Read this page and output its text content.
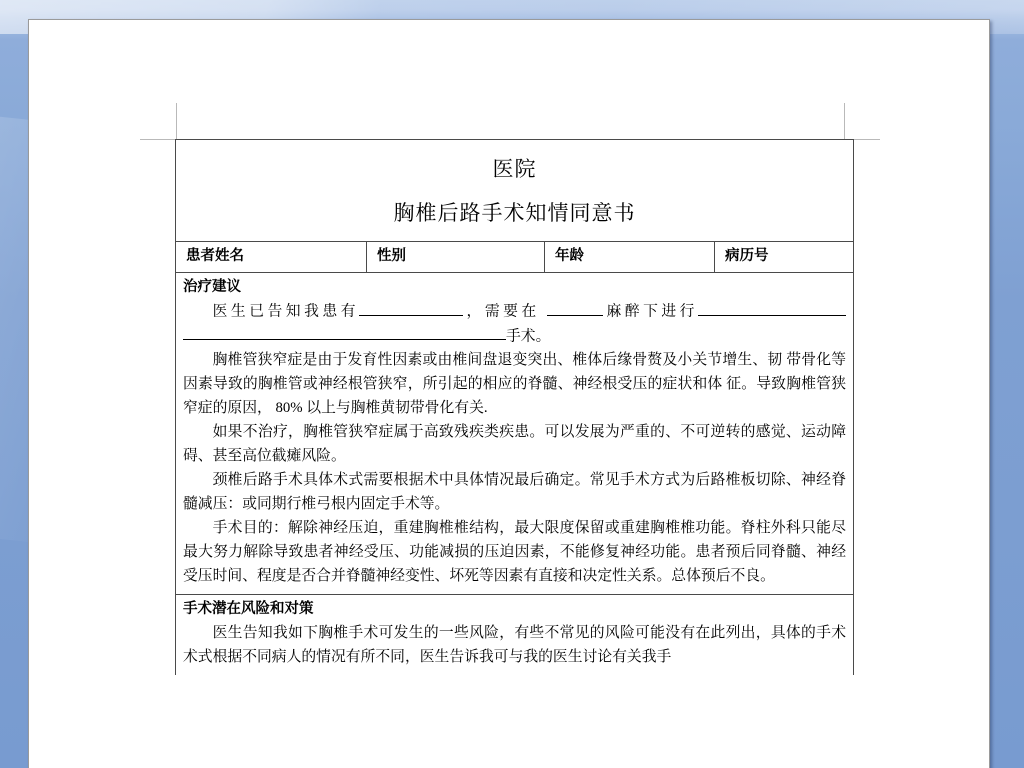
医院
胸椎后路手术知情同意书
患者姓名	性别	年龄	病历号
治疗建议

医生已告知我患有	，需要在	麻醉下进行手术。

胸椎管狭窄症是由于发育性因素或由椎间盘退变突出、椎体后缘骨赘及小关节增生、韧 带骨化等因素导致的胸椎管或神经根管狭窄，所引起的相应的脊髓、神经根受压的症状和体 征。导致胸椎管狭窄症的原因， 80% 以上与胸椎黄韧带骨化有关.

如果不治疗，胸椎管狭窄症属于高致残疾类疾患。可以发展为严重的、不可逆转的感觉、运动障碍、甚至高位截瘫风险。

颈椎后路手术具体术式需要根据术中具体情况最后确定。常见手术方式为后路椎板切除、神经脊髓减压：或同期行椎弓根内固定手术等。

手术目的：解除神经压迫，重建胸椎椎结构，最大限度保留或重建胸椎椎功能。脊柱外科只能尽最大努力解除导致患者神经受压、功能减损的压迫因素，不能修复神经功能。患者预后同脊髓、神经受压时间、程度是否合并脊髓神经变性、坏死等因素有直接和决定性关系。总体预后不良。

手术潜在风险和对策

医生告知我如下胸椎手术可发生的一些风险，有些不常见的风险可能没有在此列出，具体的手术术式根据不同病人的情况有所不同，医生告诉我可与我的医生讨论有关我手
